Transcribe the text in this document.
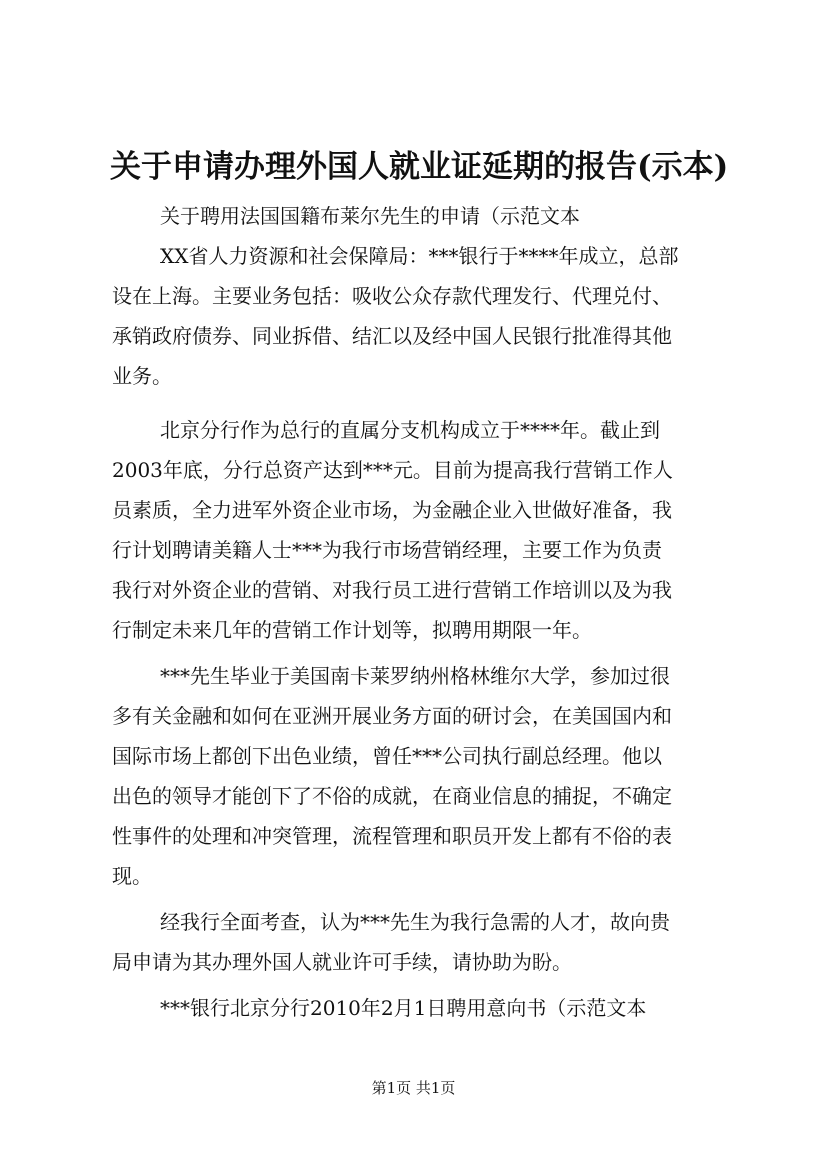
关于申请办理外国人就业证延期的报告(示本)

关于聘用法国国籍布莱尔先生的申请（示范文本

XX省人力资源和社会保障局：***银行于****年成立，总部
设在上海。主要业务包括：吸收公众存款代理发行、代理兑付、
承销政府债券、同业拆借、结汇以及经中国人民银行批准得其他
业务。
北京分行作为总行的直属分支机构成立于****年。截止到
2003年底，分行总资产达到***元。目前为提高我行营销工作人
员素质，全力进军外资企业市场，为金融企业入世做好准备，我
行计划聘请美籍人士***为我行市场营销经理，主要工作为负责
我行对外资企业的营销、对我行员工进行营销工作培训以及为我
行制定未来几年的营销工作计划等，拟聘用期限一年。
***先生毕业于美国南卡莱罗纳州格林维尔大学，参加过很
多有关金融和如何在亚洲开展业务方面的研讨会，在美国国内和
国际市场上都创下出色业绩，曾任***公司执行副总经理。他以
出色的领导才能创下了不俗的成就，在商业信息的捕捉，不确定
性事件的处理和冲突管理，流程管理和职员开发上都有不俗的表
现。
经我行全面考查，认为***先生为我行急需的人才，故向贵
局申请为其办理外国人就业许可手续，请协助为盼。
***银行北京分行2010年2月1日聘用意向书（示范文本
第1页 共1页
